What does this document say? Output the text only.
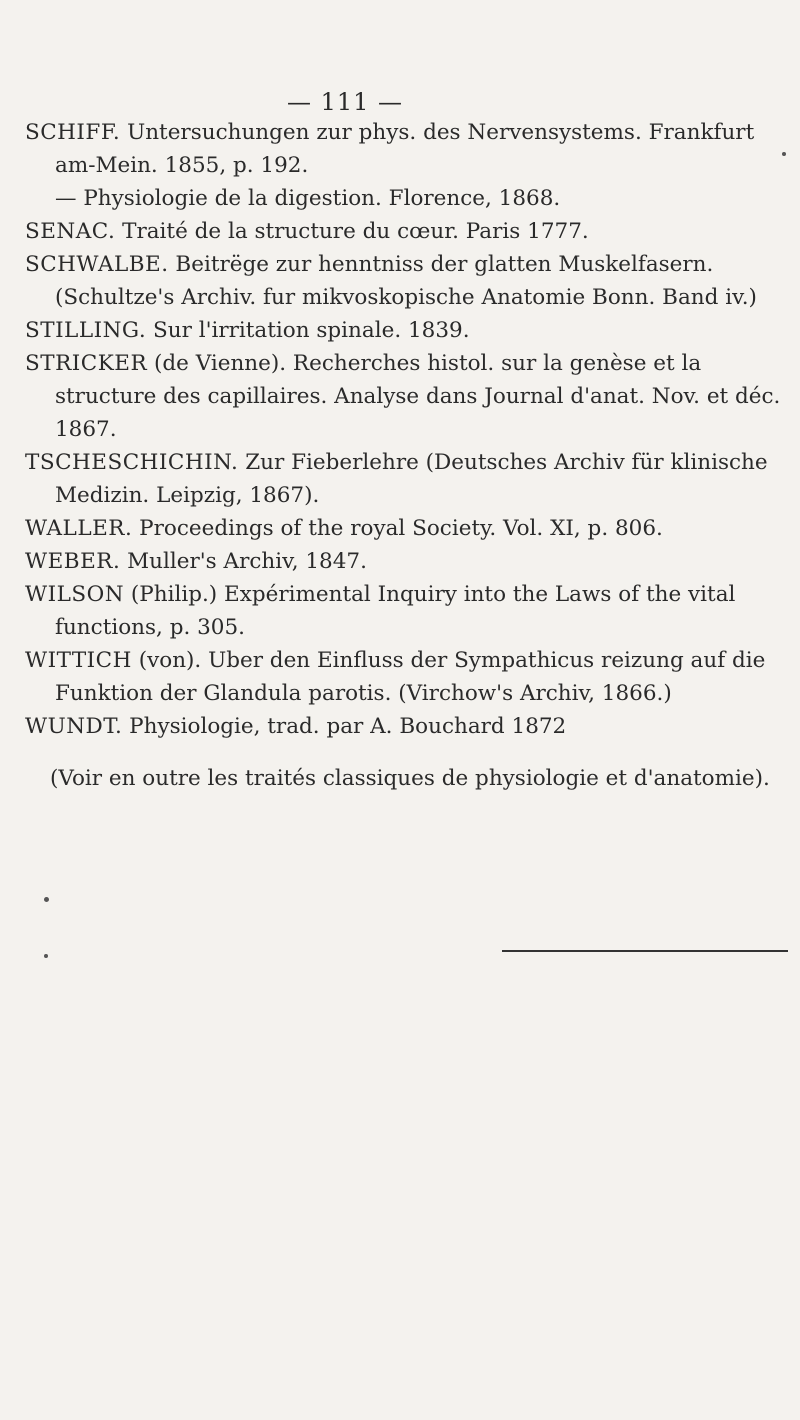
— 111 —

SCHIFF. Untersuchungen zur phys. des Nervensystems. Frankfurt am-Mein. 1855, p. 192.

— Physiologie de la digestion. Florence, 1868.

SENAC. Traité de la structure du cœur. Paris 1777.

SCHWALBE. Beitrëge zur henntniss der glatten Muskelfasern. (Schultze's Archiv. fur mikvoskopische Anatomie Bonn. Band iv.)

STILLING. Sur l'irritation spinale. 1839.

STRICKER (de Vienne). Recherches histol. sur la genèse et la structure des capillaires. Analyse dans Journal d'anat. Nov. et déc. 1867.

TSCHESCHICHIN. Zur Fieberlehre (Deutsches Archiv für klinische Medizin. Leipzig, 1867).

WALLER. Proceedings of the royal Society. Vol. XI, p. 806.

WEBER. Muller's Archiv, 1847.

WILSON (Philip.) Expérimental Inquiry into the Laws of the vital functions, p. 305.

WITTICH (von). Uber den Einfluss der Sympathicus reizung auf die Funktion der Glandula parotis. (Virchow's Archiv, 1866.)

WUNDT. Physiologie, trad. par A. Bouchard 1872

(Voir en outre les traités classiques de physiologie et d'anatomie).
